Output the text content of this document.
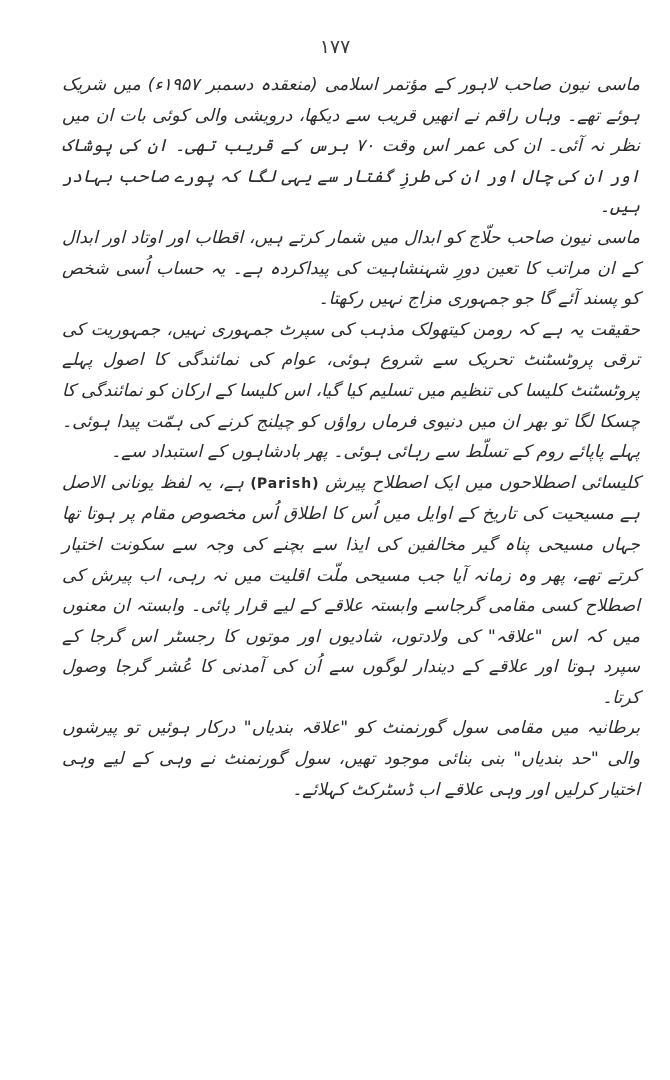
۱۷۷

ماسی نیون صاحب لاہور کے مؤتمر اسلامی (منعقدہ دسمبر ۱۹۵۷ء) میں شریک ہوئے تھے۔ وہاں راقم نے انھیں قریب سے دیکھا، درویشی والی کوئی بات ان میں نظر نہ آئی۔ ان کی عمر اس وقت ۷۰ برس کے قریب تھی۔ ان کی پوشاک اور ان کی چال اور ان کی طرزِ گفتار سے یہی لگا کہ پورے صاحب بہادر ہیں۔

ماسی نیون صاحب حلّاج کو ابدال میں شمار کرتے ہیں، اقطاب اور اوتاد اور ابدال کے ان مراتب کا تعین دورِ شہنشاہیت کی پیداکردہ ہے۔ یہ حساب اُسی شخص کو پسند آئے گا جو جمہوری مزاج نہیں رکھتا۔

حقیقت یہ ہے کہ رومن کیتھولک مذہب کی سپرٹ جمہوری نہیں، جمہوریت کی ترقی پروٹسٹنٹ تحریک سے شروع ہوئی، عوام کی نمائندگی کا اصول پہلے پروٹسٹنٹ کلیسا کی تنظیم میں تسلیم کیا گیا، اس کلیسا کے ارکان کو نمائندگی کا چسکا لگا تو بھر ان میں دنیوی فرماں رواؤں کو چیلنج کرنے کی ہمّت پیدا ہوئی۔ پہلے پاپائے روم کے تسلّط سے رہائی ہوئی۔ پھر بادشاہوں کے استبداد سے۔

کلیسائی اصطلاحوں میں ایک اصطلاح پیرش (Parish) ہے، یہ لفظ یونانی الاصل ہے مسیحیت کی تاریخ کے اوایل میں اُس کا اطلاق اُس مخصوص مقام پر ہوتا تھا جہاں مسیحی پناہ گیر مخالفین کی ایذا سے بچنے کی وجہ سے سکونت اختیار کرتے تھے، پھر وہ زمانہ آیا جب مسیحی ملّت اقلیت میں نہ رہی، اب پیرش کی اصطلاح کسی مقامی گرجاسے وابستہ علاقے کے لیے قرار پائی۔ وابستہ ان معنوں میں کہ اس "علاقہ" کی ولادتوں، شادیوں اور موتوں کا رجسٹر اس گرجا کے سپرد ہوتا اور علاقے کے دیندار لوگوں سے اُن کی آمدنی کا عُشر گرجا وصول کرتا۔

برطانیہ میں مقامی سول گورنمنٹ کو "علاقہ بندیاں" درکار ہوئیں تو پیرشوں والی "حد بندیاں" بنی بنائی موجود تھیں، سول گورنمنٹ نے وہی کے لیے وہی اختیار کرلیں اور وہی علاقے اب ڈسٹرکٹ کہلائے۔
